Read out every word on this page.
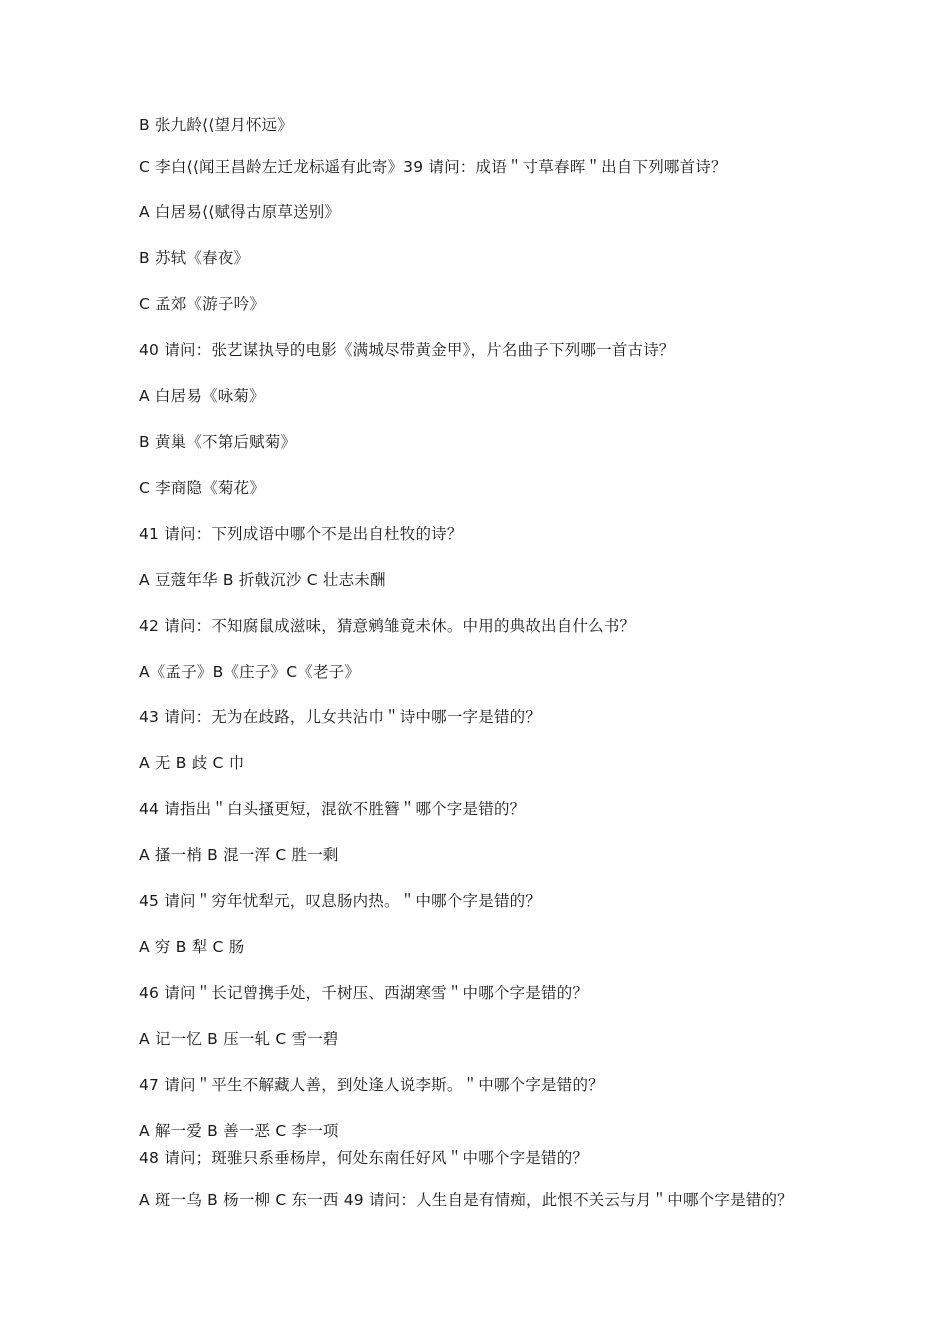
B 张九龄⟨⟨望月怀远》
C 李白⟨⟨闻王昌龄左迁龙标遥有此寄》39 请问：成语＂寸草春晖＂出自下列哪首诗？
A 白居易⟨⟨赋得古原草送别》
B 苏轼《春夜》
C 孟郊《游子吟》
40 请问：张艺谋执导的电影《满城尽带黄金甲》，片名曲子下列哪一首古诗？
A 白居易《咏菊》
B 黄巢《不第后赋菊》
C 李商隐《菊花》
41 请问：下列成语中哪个不是出自杜牧的诗？
A 豆蔻年华 B 折戟沉沙 C 壮志未酬
42 请问：不知腐鼠成滋味，猜意鹓雏竟未休。中用的典故出自什么书？
A《孟子》B《庄子》C《老子》
43 请问：无为在歧路，儿女共沾巾＂诗中哪一字是错的？
A 无 B 歧 C 巾
44 请指出＂白头搔更短，混欲不胜簪＂哪个字是错的？
A 搔一梢 B 混一浑 C 胜一剩
45 请问＂穷年忧犁元，叹息肠内热。＂中哪个字是错的？
A 穷 B 犁 C 肠
46 请问＂长记曾携手处，千树压、西湖寒雪＂中哪个字是错的？
A 记一忆 B 压一轧 C 雪一碧
47 请问＂平生不解藏人善，到处逢人说李斯。＂中哪个字是错的？
A 解一爱 B 善一恶 C 李一项
48 请问；斑骓只系垂杨岸，何处东南任好风＂中哪个字是错的？
A 斑一乌 B 杨一柳 C 东一西 49 请问：人生自是有情痴，此恨不关云与月＂中哪个字是错的？
